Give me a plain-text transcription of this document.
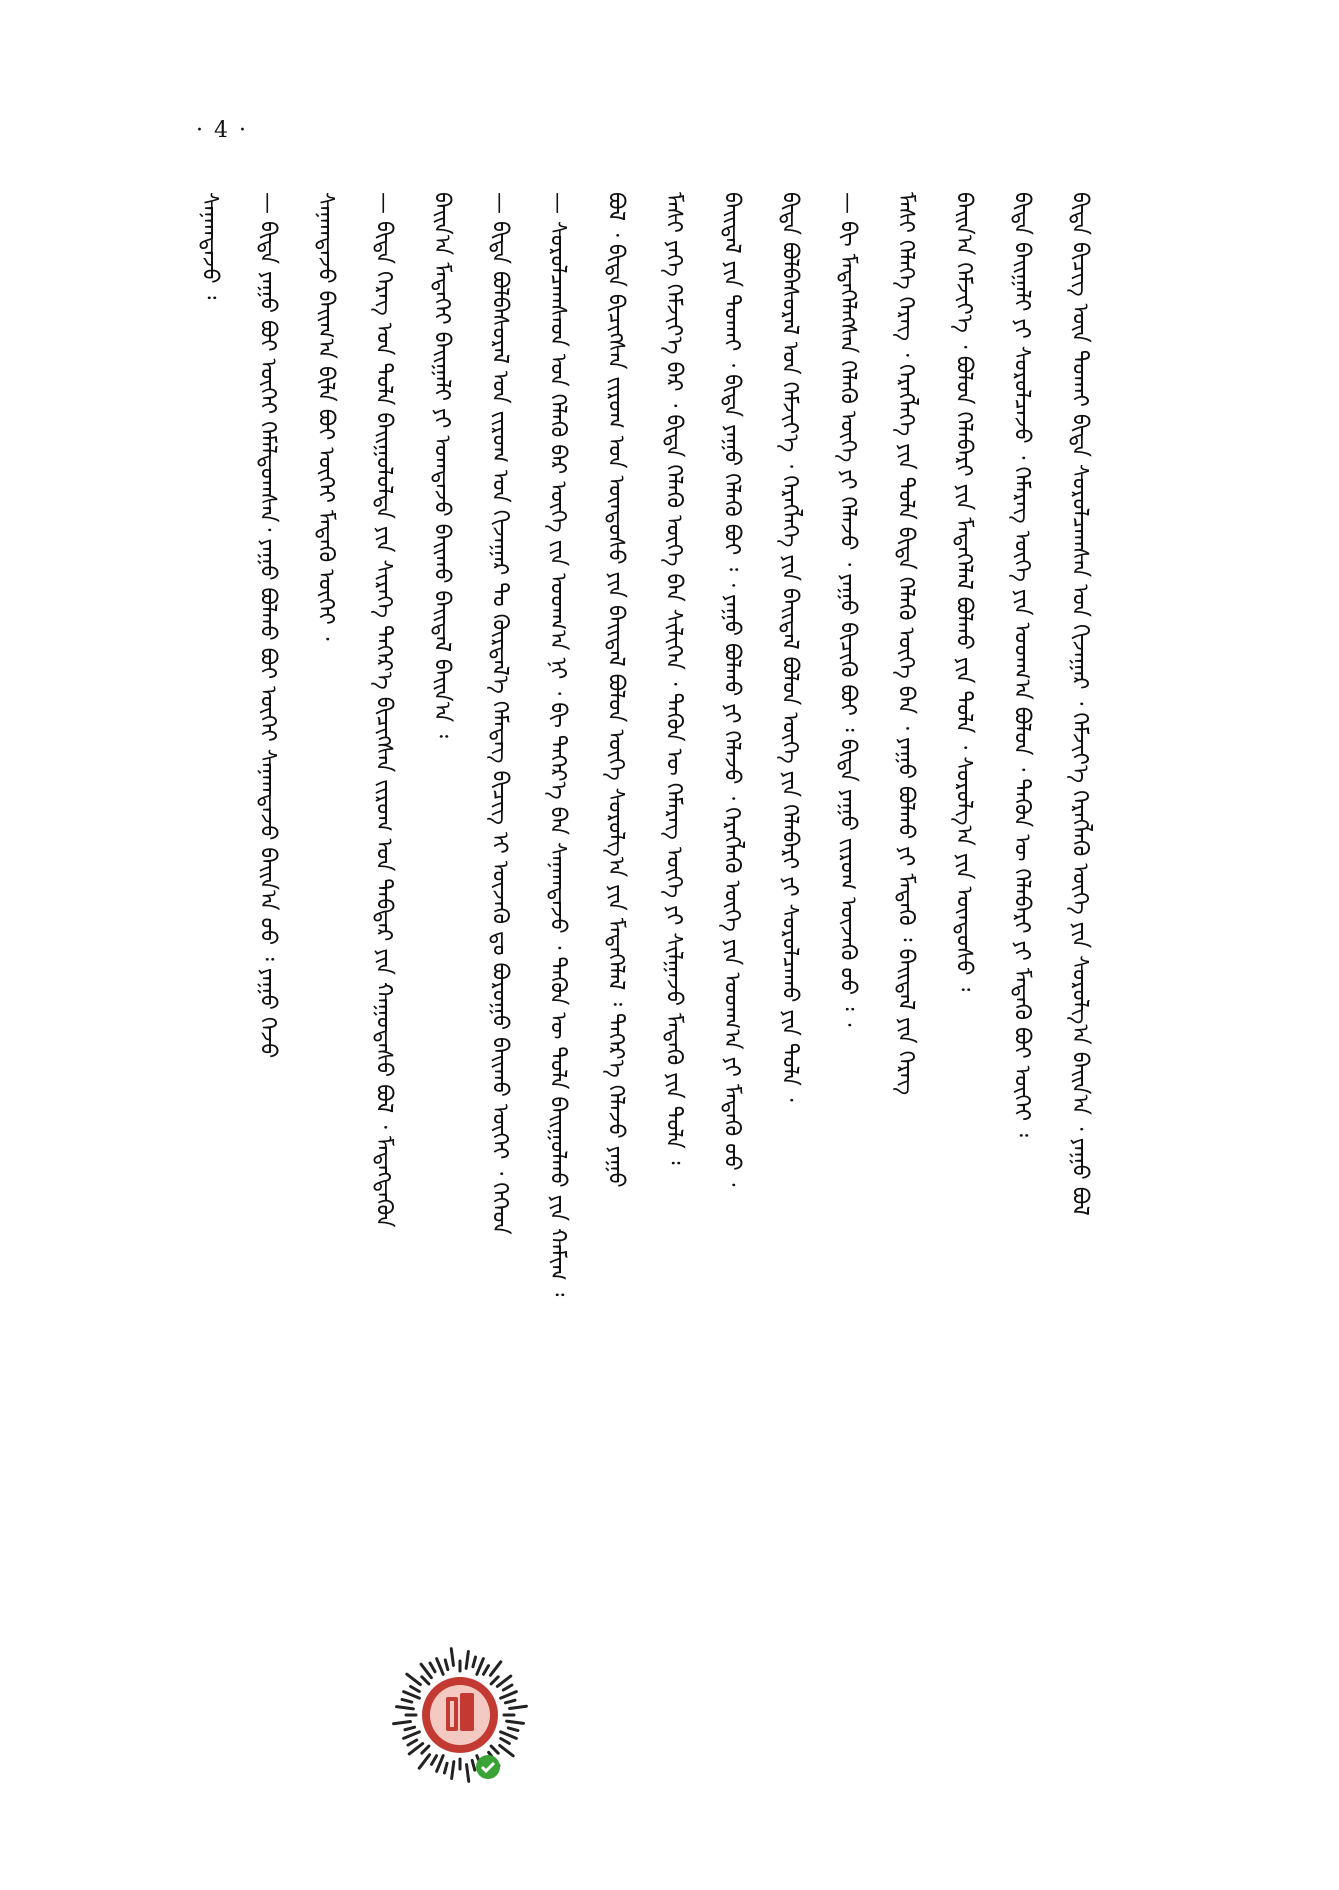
· 4 ·
ᠰᠠᠨᠠᠭᠳᠠᠵᠤ ᠄ — ᠪᠢᠳᠡ ᠶᠠᠭᠤ ᠪᠤᠢ ᠦᠭᠡᠢ ᠬᠡᠮᠡᠯᠳᠦᠭ᠍ᠰᠡᠨ᠂ ᠶᠠᠭᠤ ᠪᠤᠯᠬᠤ ᠪᠤᠢ ᠦᠭᠡᠢ ᠰᠠᠨᠠᠭᠳᠠᠵᠤ ᠪᠠᠢᠨ᠎ᠠ ᠦᠦ ᠄ ᠶᠠᠭᠤ ᠭᠡᠵᠦ ᠰᠠᠨᠠᠭᠳᠠᠵᠤ ᠪᠠᠢᠭ᠎ᠠ ᠪᠢᠯᠡ ᠪᠤᠢ ᠦᠭᠡᠢ ᠮᠡᠳᠡᠬᠦ ᠦᠭᠡᠢ ᠂ — ᠪᠢᠳᠡ ᠬᠡᠷᠡᠭ ᠤᠨ ᠲᠤᠯᠠ ᠪᠠᠢᠭᠤᠯᠤᠯᠲᠠ ᠶᠢᠨ ᠰᠢᠷᠡᠭᠡ ᠳᠡᠭᠡᠷ᠎ᠡ ᠪᠢᠴᠢᠭᠰᠡᠨ ᠵᠢᠷᠤᠭ ᠤᠨ ᠳᠡᠪᠲᠡᠷ ᠶᠢᠨ ᠬᠠᠭᠤᠳᠠᠰᠤ ᠪᠤᠯ ᠂ ᠮᠡᠳᠡᠭᠳᠡᠬᠦᠨ ᠪᠠᠢᠨ᠎ᠠ ᠮᠡᠳᠡᠭᠡᠢ ᠪᠠᠢᠭᠠᠯᠢ ᠶᠢ ᠤᠭᠳᠠᠵᠤ ᠪᠠᠢᠬᠤ ᠪᠠᠢᠳᠠᠯ ᠪᠠᠢᠨ᠎ᠠ ᠄ — ᠪᠢᠳᠡ ᠪᠤᠯᠪᠠᠰᠤᠷᠠᠯ ᠤᠨ ᠵᠢᠷᠤᠭ ᠤᠨ ᠬᠢᠵᠠᠭᠠᠷ ᠲᠤ ᠬᠦᠷᠲᠡᠯ᠎ᠡ ᠬᠡᠮᠡᠳᠡᠭ ᠪᠢᠴᠢᠭ ᠢ ᠦᠵᠡᠬᠦ ᠳᠤ ᠪᠤᠷᠤᠭᠤ ᠪᠠᠢᠬᠤ ᠦᠭᠡᠢ ᠂ ᠭᠡᠬᠡᠳ — ᠰᠤᠷᠤᠯᠴᠠᠭᠰᠠᠳ ᠤᠨ ᠬᠡᠯᠡᠬᠦ ᠪᠠᠷ ᠦᠭᠡ ᠵᠢᠨ ᠤᠳᠬ᠎ᠠ ᠨᠢ ᠂ ᠪᠢ ᠳᠡᠭᠡᠷ᠎ᠡ ᠪᠡᠨ ᠰᠠᠨᠠᠭᠳᠠᠵᠤ ᠂ ᠲᠡᠭᠦᠨ ᠦ ᠲᠤᠯᠠ ᠪᠠᠢᠭᠤᠯᠬᠤ ᠶᠢᠨ ᠬᠠᠮᠢᠭ ᠄ ᠪᠤᠯ ᠂ ᠪᠢᠳᠡ ᠪᠢᠴᠢᠭᠰᠡᠨ ᠵᠢᠷᠤᠭ ᠤᠨ ᠦᠨᠳᠦᠰᠦ ᠶᠢᠨ ᠪᠠᠢᠳᠠᠯ ᠪᠤᠯᠤᠨ ᠦᠭᠡ ᠰᠤᠷᠤᠯᠭ᠎ᠠ ᠶᠢᠨ ᠮᠡᠳᠡᠭᠡᠯᠡᠯ ᠄ ᠳᠡᠭᠡᠷ᠎ᠡ ᠬᠡᠯᠡᠵᠦ ᠶᠠᠭᠤ ᠮᠠᠰᠢ ᠶᠡᠬᠡ ᠬᠡᠮᠵᠢᠶ᠎ᠡ ᠪᠡᠷ ᠂ ᠪᠢᠳᠡ ᠬᠡᠯᠡᠬᠦ ᠦᠭᠡ ᠪᠠᠨ ᠰᠢᠯᠢᠭᠡᠨ ᠂ ᠲᠡᠭᠦᠨ ᠦ ᠬᠡᠮᠡᠷᠡᠭ ᠦᠭᠡ ᠶᠢ ᠰᠢᠯᠭᠠᠵᠤ ᠮᠡᠳᠡᠬᠦ ᠶᠢᠨ ᠲᠤᠯᠠ ᠄ ᠪᠠᠢᠳᠠᠯ ᠶᠢᠨ ᠲᠤᠬᠠᠢ ᠂ ᠪᠢᠳᠡ ᠶᠠᠭᠤ ᠬᠡᠯᠡᠬᠦ ᠪᠤᠢ ᠄ ᠂ ᠶᠠᠭᠤ ᠪᠤᠯᠬᠤ ᠶᠢ ᠬᠡᠯᠡᠵᠦ ᠂ ᠬᠡᠷᠡᠭᠯᠡᠬᠦ ᠦᠭᠡ ᠶᠢᠨ ᠤᠳᠬ᠎ᠠ ᠶᠢ ᠮᠡᠳᠡᠬᠦ ᠦᠦ ᠂ ᠪᠢᠳᠡ ᠪᠤᠯᠪᠠᠰᠤᠷᠠᠯ ᠤᠨ ᠬᠡᠮᠵᠢᠶ᠎ᠡ ᠂ ᠬᠡᠷᠡᠭᠯᠡᠭᠡ ᠶᠢᠨ ᠪᠠᠢᠳᠠᠯ ᠪᠤᠯᠤᠨ ᠦᠭᠡ ᠶᠢᠨ ᠬᠡᠯᠡᠪᠡᠷᠢ ᠶᠢ ᠰᠤᠷᠤᠯᠴᠠᠬᠤ ᠶᠢᠨ ᠲᠤᠯᠠ ᠂ — ᠪᠢ ᠮᠡᠳᠡᠭᠡᠯᠡᠭᠰᠡᠨ ᠬᠡᠯᠡᠬᠦ ᠦᠭᠡ ᠶᠢ ᠬᠡᠯᠡᠵᠦ ᠂ ᠶᠠᠭᠤ ᠪᠢᠴᠢᠬᠦ ᠪᠤᠢ ᠄ ᠪᠢᠳᠡ ᠶᠠᠭᠤ ᠵᠢᠷᠤᠭ ᠦᠵᠡᠬᠦ ᠦᠦ ᠄ ᠂ ᠮᠠᠰᠢ ᠬᠡᠯᠡᠭᠡ ᠬᠡᠷᠡᠭ ᠂ ᠬᠡᠷᠡᠭᠯᠡᠭᠡ ᠶᠢᠨ ᠲᠤᠯᠠ ᠪᠢᠳᠡ ᠬᠡᠯᠡᠬᠦ ᠦᠭᠡ ᠪᠠᠨ ᠂ ᠶᠠᠭᠤ ᠪᠤᠯᠬᠤ ᠶᠢ ᠮᠡᠳᠡᠬᠦ ᠄ ᠪᠠᠢᠳᠠᠯ ᠶᠢᠨ ᠬᠡᠷᠡᠭ ᠪᠠᠢᠨ᠎ᠠ ᠬᠡᠮᠵᠢᠶ᠎ᠡ ᠂ ᠪᠤᠯᠤᠨ ᠬᠡᠯᠡᠪᠡᠷᠢ ᠶᠢᠨ ᠮᠡᠳᠡᠭᠡᠯᠡᠯ ᠪᠤᠯᠬᠤ ᠶᠢᠨ ᠲᠤᠯᠠ ᠂ ᠰᠤᠷᠤᠯᠭ᠎ᠠ ᠶᠢᠨ ᠦᠨᠳᠦᠰᠦ ᠄ ᠪᠢᠳᠡ ᠪᠠᠢᠭᠠᠯᠢ ᠶᠢ ᠰᠤᠷᠤᠯᠴᠠᠵᠤ ᠂ ᠬᠡᠮᠡᠷᠡᠭ ᠦᠭᠡ ᠶᠢᠨ ᠤᠳᠬ᠎ᠠ ᠪᠤᠯᠤᠨ ᠂ ᠲᠡᠭᠦᠨ ᠦ ᠬᠡᠯᠡᠪᠡᠷᠢ ᠶᠢ ᠮᠡᠳᠡᠬᠦ ᠪᠤᠢ ᠦᠭᠡᠢ ᠄ ᠪᠢᠳᠡ ᠪᠢᠴᠢᠭ ᠦᠨ ᠲᠤᠬᠠᠢ ᠪᠢᠳᠡ ᠰᠤᠷᠤᠯᠴᠠᠭᠰᠠᠨ ᠤᠨ ᠬᠢᠵᠠᠭᠠᠷ ᠂ ᠬᠡᠮᠵᠢᠶ᠎ᠡ ᠬᠡᠷᠡᠭᠯᠡᠬᠦ ᠦᠭᠡ ᠶᠢᠨ ᠰᠤᠷᠤᠯᠭ᠎ᠠ ᠪᠠᠢᠨ᠎ᠠ ᠂ ᠶᠠᠭᠤ ᠪᠤᠯ
